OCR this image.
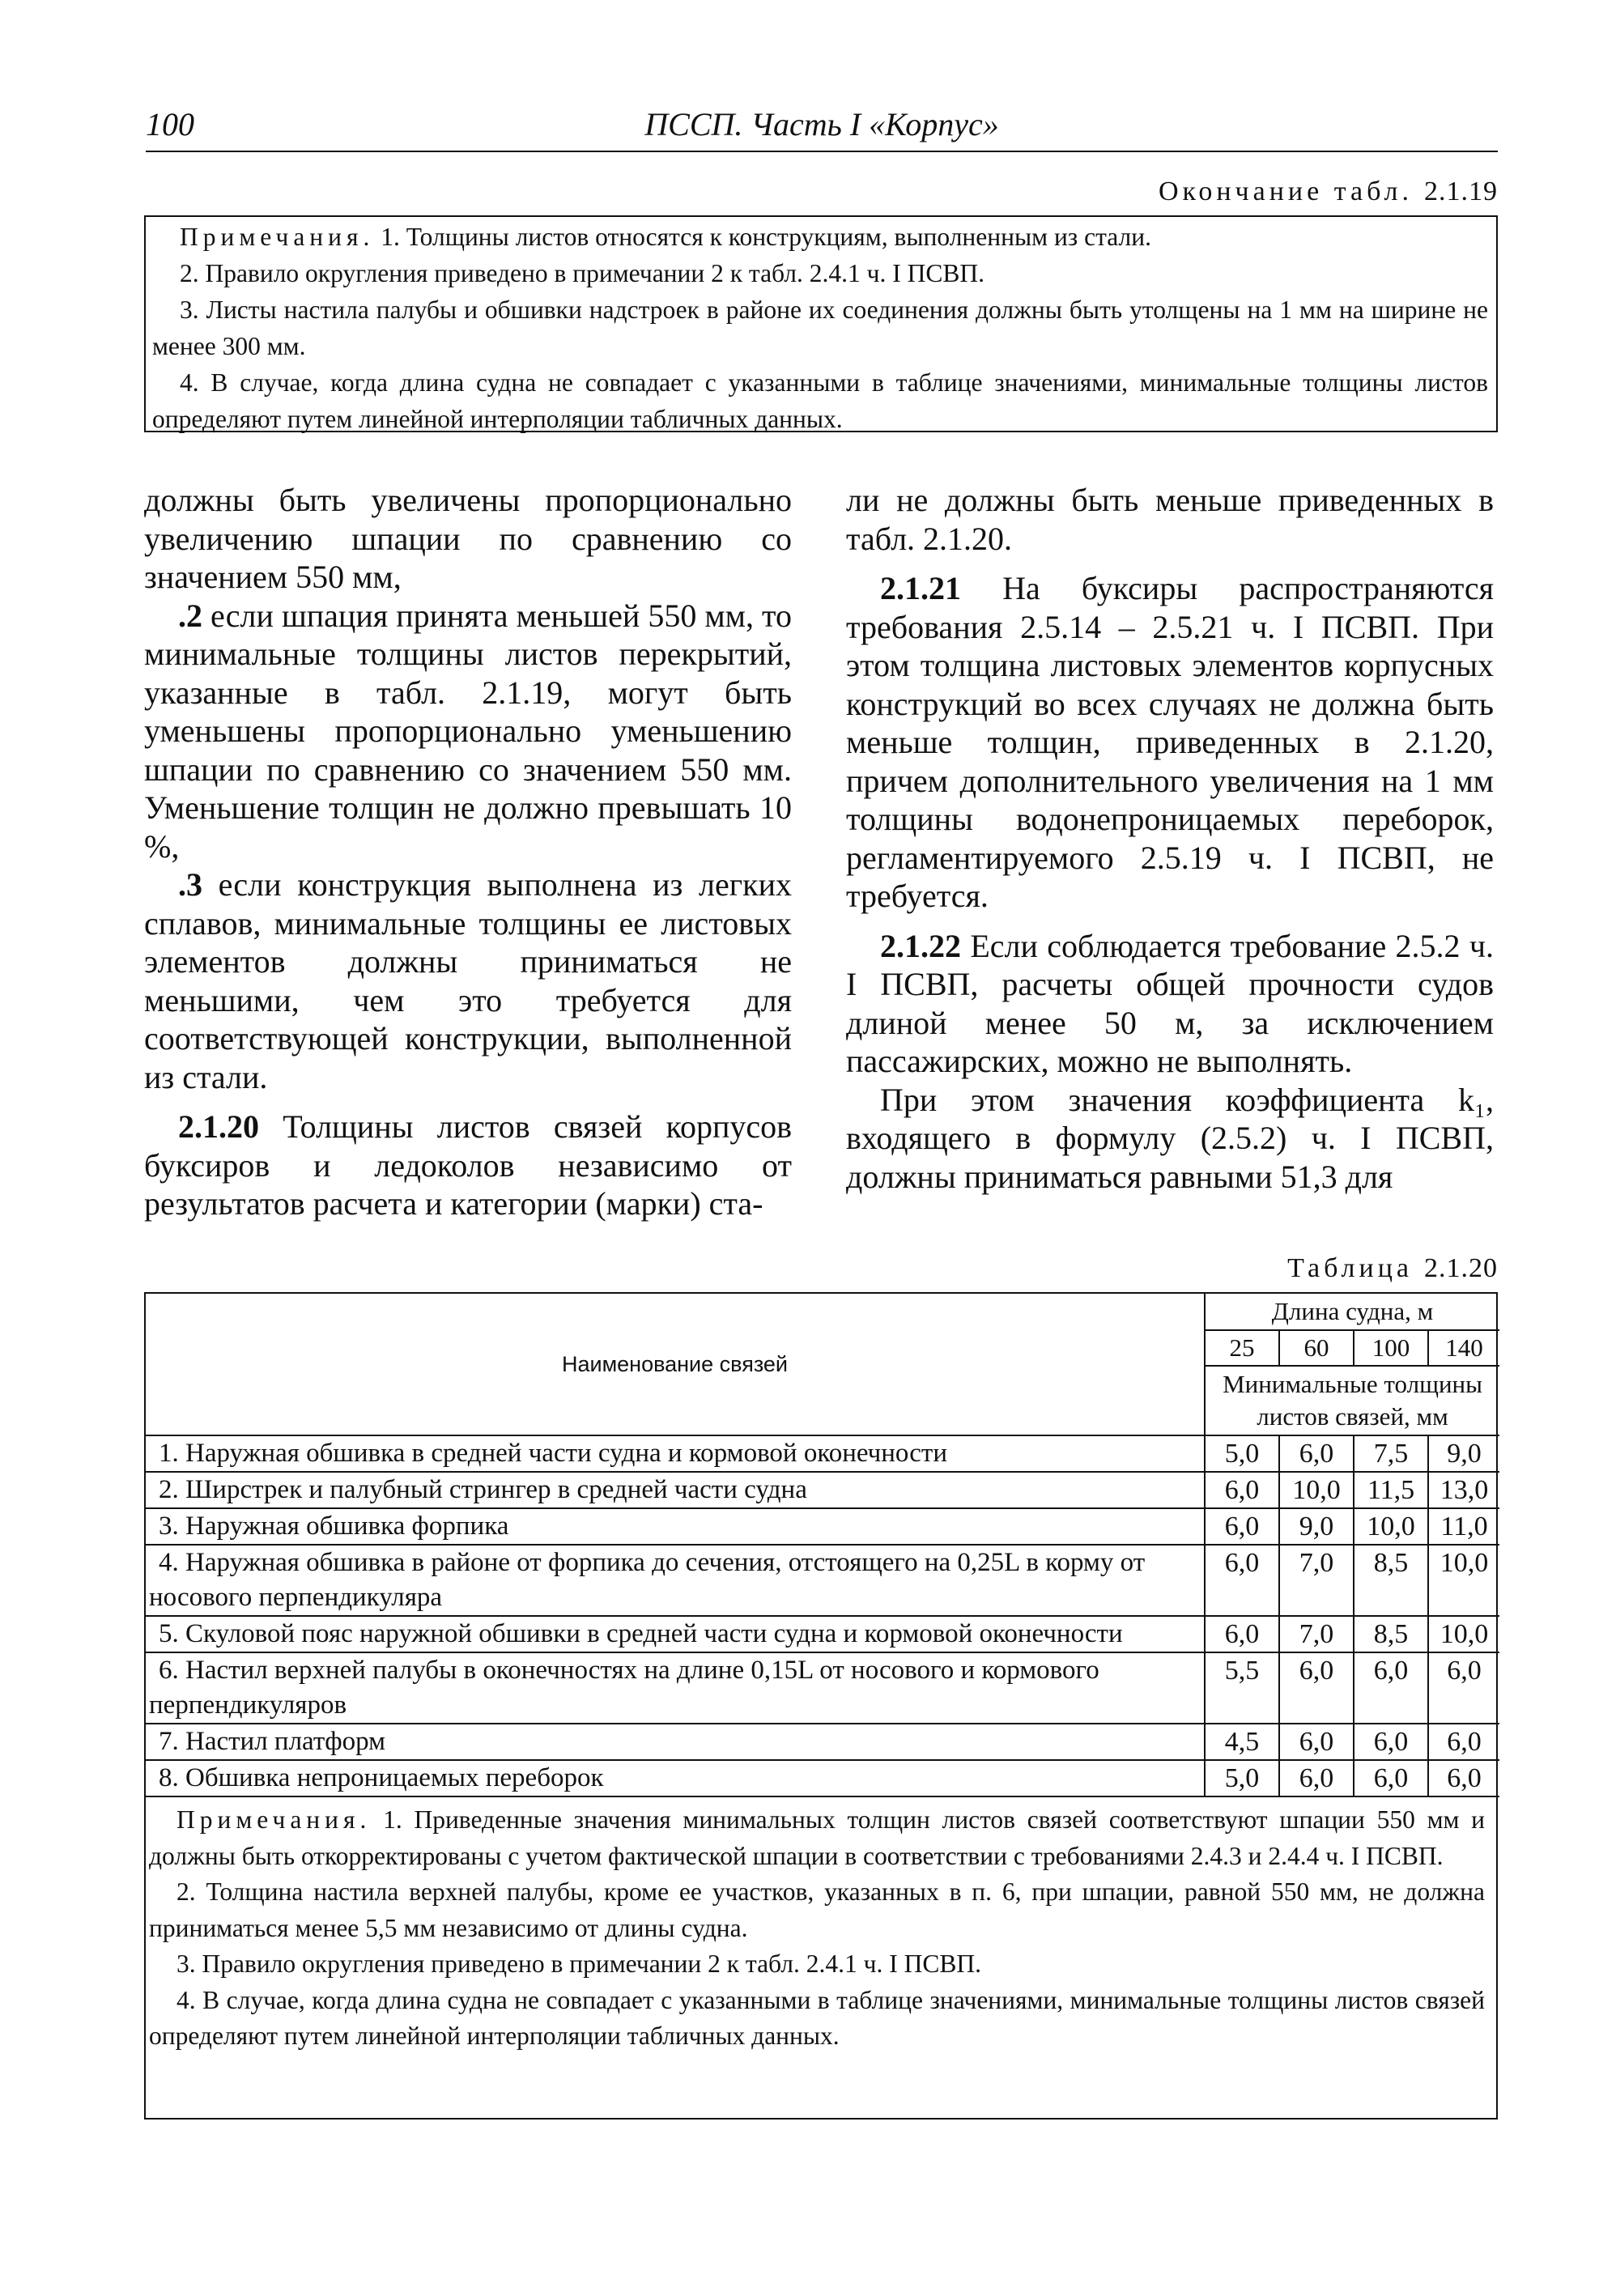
100	ПССП. Часть I «Корпус»
Окончание табл. 2.1.19

Примечания. 1. Толщины листов относятся к конструкциям, выполненным из стали.

2. Правило округления приведено в примечании 2 к табл. 2.4.1 ч. I ПСВП.

3. Листы настила палубы и обшивки надстроек в районе их соединения должны быть утолщены на 1 мм на ширине не менее 300 мм.

4. В случае, когда длина судна не совпадает с указанными в таблице значениями, минимальные толщины листов определяют путем линейной интерполяции табличных данных.

должны быть увеличены пропорционально увеличению шпации по сравнению со значением 550 мм,

.2 если шпация принята меньшей 550 мм, то минимальные толщины листов перекрытий, указанные в табл. 2.1.19, могут быть уменьшены пропорционально уменьшению шпации по сравнению со значением 550 мм. Уменьшение толщин не должно превышать 10 %,

.3 если конструкция выполнена из легких сплавов, минимальные толщины ее листовых элементов должны приниматься не меньшими, чем это требуется для соответствующей конструкции, выполненной из стали.

2.1.20 Толщины листов связей корпусов буксиров и ледоколов независимо от результатов расчета и категории (марки) ста-

ли не должны быть меньше приведенных в табл. 2.1.20.

2.1.21 На буксиры распространяются требования 2.5.14 – 2.5.21 ч. I ПСВП. При этом толщина листовых элементов корпусных конструкций во всех случаях не должна быть меньше толщин, приведенных в 2.1.20, причем дополнительного увеличения на 1 мм толщины водонепроницаемых переборок, регламентируемого 2.5.19 ч. I ПСВП, не требуется.

2.1.22 Если соблюдается требование 2.5.2 ч. I ПСВП, расчеты общей прочности судов длиной менее 50 м, за исключением пассажирских, можно не выполнять.

При этом значения коэффициента k₁, входящего в формулу (2.5.2) ч. I ПСВП, должны приниматься равными 51,3 для

Таблица 2.1.20
Наименование связей	Длина судна, м			
	25	60	100	140
	Минимальные толщины листов связей, мм			
1. Наружная обшивка в средней части судна и кормовой оконечности	5,0	6,0	7,5	9,0
2. Ширстрек и палубный стрингер в средней части судна	6,0	10,0	11,5	13,0
3. Наружная обшивка форпика	6,0	9,0	10,0	11,0
4. Наружная обшивка в районе от форпика до сечения, отстоящего на 0,25L в корму от носового перпендикуляра	6,0	7,0	8,5	10,0
5. Скуловой пояс наружной обшивки в средней части судна и кормовой оконечности	6,0	7,0	8,5	10,0
6. Настил верхней палубы в оконечностях на длине 0,15L от носового и кормового перпендикуляров	5,5	6,0	6,0	6,0
7. Настил платформ	4,5	6,0	6,0	6,0
8. Обшивка непроницаемых переборок	5,0	6,0	6,0	6,0

Примечания. 1. Приведенные значения минимальных толщин листов связей соответствуют шпации 550 мм и должны быть откорректированы с учетом фактической шпации в соответствии с требованиями 2.4.3 и 2.4.4 ч. I ПСВП.

2. Толщина настила верхней палубы, кроме ее участков, указанных в п. 6, при шпации, равной 550 мм, не должна приниматься менее 5,5 мм независимо от длины судна.

3. Правило округления приведено в примечании 2 к табл. 2.4.1 ч. I ПСВП.

4. В случае, когда длина судна не совпадает с указанными в таблице значениями, минимальные толщины листов связей определяют путем линейной интерполяции табличных данных.
